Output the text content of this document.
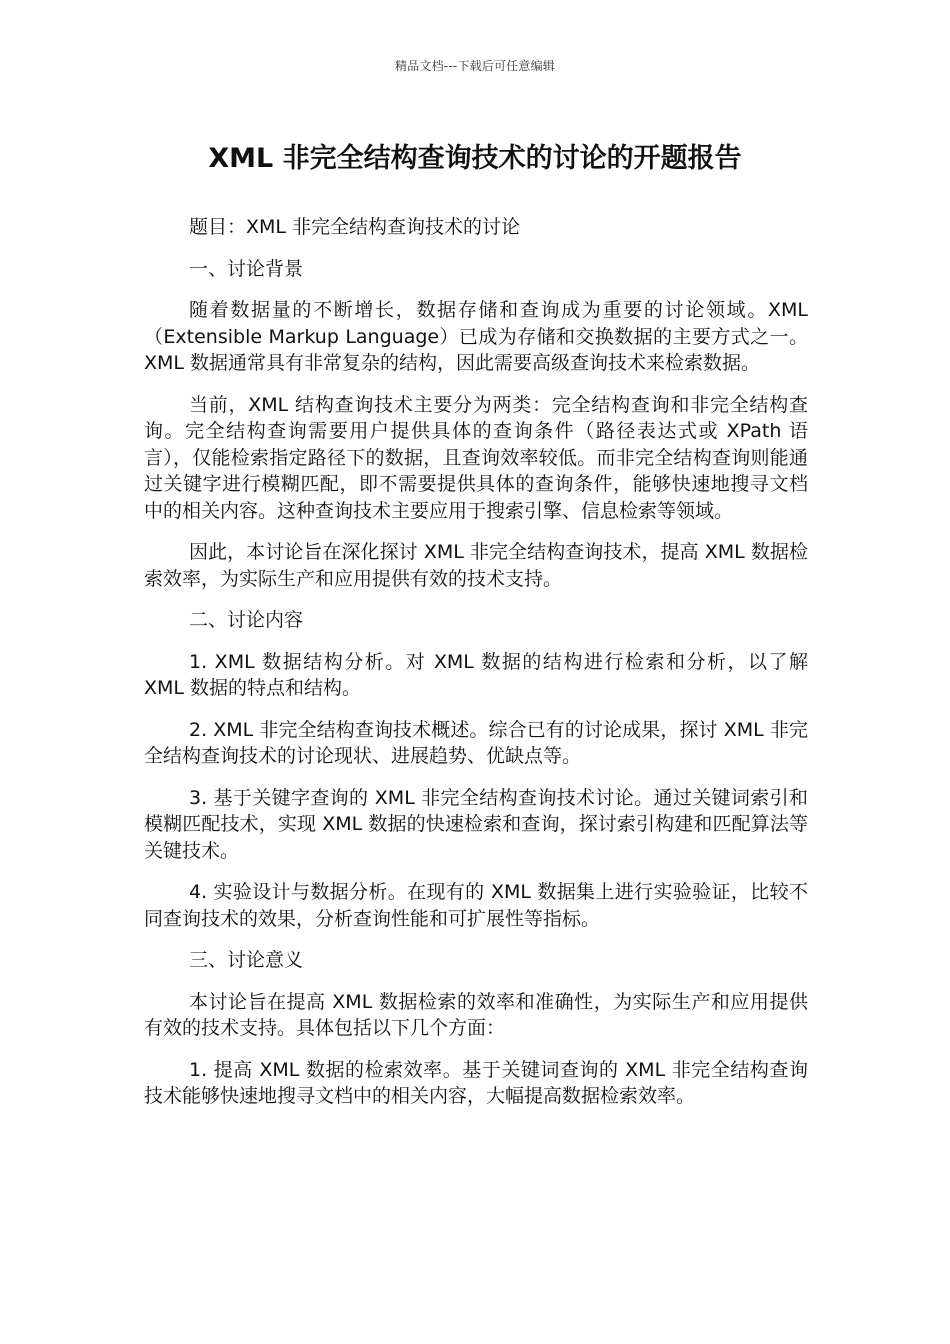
精品文档---下载后可任意编辑
XML 非完全结构查询技术的讨论的开题报告

题目：XML 非完全结构查询技术的讨论

一、讨论背景

随着数据量的不断增长，数据存储和查询成为重要的讨论领域。XML（Extensible Markup Language）已成为存储和交换数据的主要方式之一。XML 数据通常具有非常复杂的结构，因此需要高级查询技术来检索数据。

当前，XML 结构查询技术主要分为两类：完全结构查询和非完全结构查询。完全结构查询需要用户提供具体的查询条件（路径表达式或 XPath 语言），仅能检索指定路径下的数据，且查询效率较低。而非完全结构查询则能通过关键字进行模糊匹配，即不需要提供具体的查询条件，能够快速地搜寻文档中的相关内容。这种查询技术主要应用于搜索引擎、信息检索等领域。

因此，本讨论旨在深化探讨 XML 非完全结构查询技术，提高 XML 数据检索效率，为实际生产和应用提供有效的技术支持。

二、讨论内容

1. XML 数据结构分析。对 XML 数据的结构进行检索和分析，以了解 XML 数据的特点和结构。

2. XML 非完全结构查询技术概述。综合已有的讨论成果，探讨 XML 非完全结构查询技术的讨论现状、进展趋势、优缺点等。

3. 基于关键字查询的 XML 非完全结构查询技术讨论。通过关键词索引和模糊匹配技术，实现 XML 数据的快速检索和查询，探讨索引构建和匹配算法等关键技术。

4. 实验设计与数据分析。在现有的 XML 数据集上进行实验验证，比较不同查询技术的效果，分析查询性能和可扩展性等指标。

三、讨论意义

本讨论旨在提高 XML 数据检索的效率和准确性，为实际生产和应用提供有效的技术支持。具体包括以下几个方面：

1. 提高 XML 数据的检索效率。基于关键词查询的 XML 非完全结构查询技术能够快速地搜寻文档中的相关内容，大幅提高数据检索效率。
